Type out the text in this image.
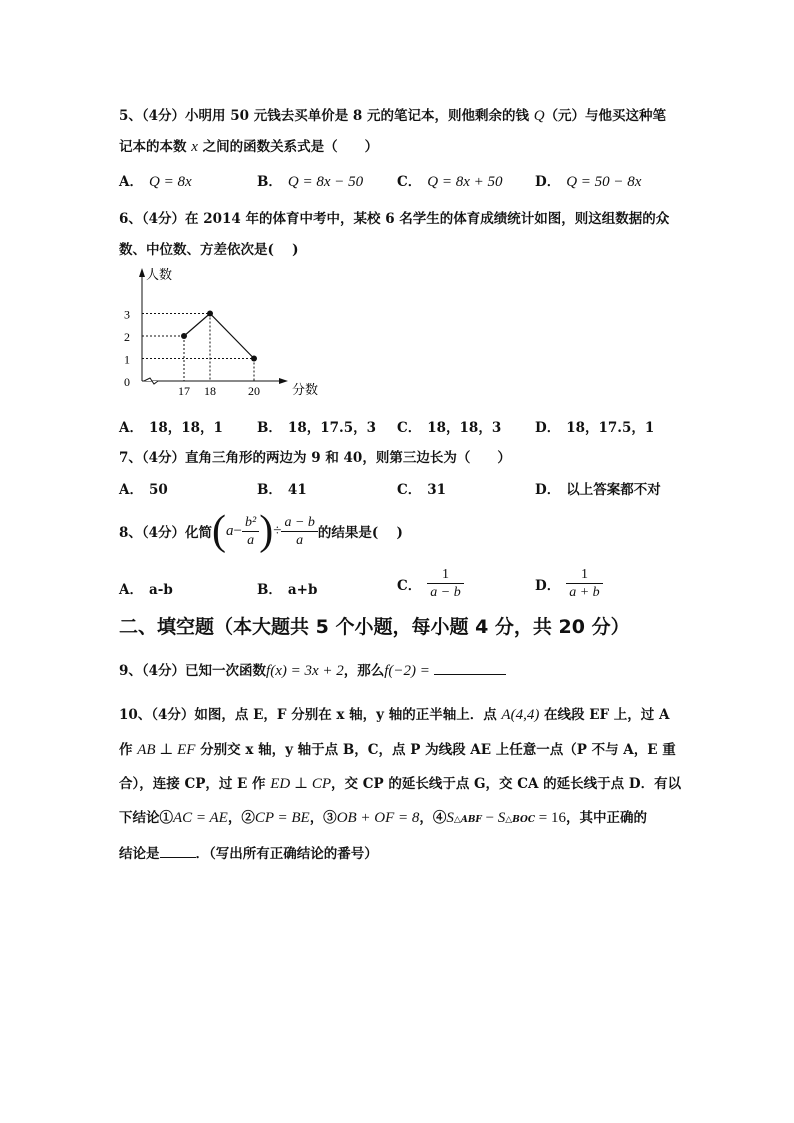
5、（4分）小明用 50 元钱去买单价是 8 元的笔记本，则他剩余的钱 Q（元）与他买这种笔
记本的本数 x 之间的函数关系式是（　　）
A． Q = 8x	B． Q = 8x − 50	C． Q = 8x + 50 D． Q = 50 − 8x
6、（4分）在 2014 年的体育中考中，某校 6 名学生的体育成绩统计如图，则这组数据的众
数、中位数、方差依次是(　 )
人数
分数
0
1
2
3
17 18	20
A． 18，18，1	B． 18，17.5，3 C． 18，18，3	D． 18，17.5，1
7、（4分）直角三角形的两边为 9 和 40，则第三边长为（　　）
A． 50	B． 41	C． 31	D． 以上答案都不对
8、（4分）化简 ( $a - \frac{\text{b²}}{a}$ ) ÷ $\frac{a - b}{a}$ 的结果是(　 )
A． a-b	B． a+b	C． $\frac{1}{a - b}$	D． $\frac{1}{a + b}$
二、填空题（本大题共 5 个小题，每小题 4 分，共 20 分）
9、（4分）已知一次函数f(x) = 3x + 2，那么f(−2) =
10、（4分）如图，点 E，F 分别在 x 轴，y 轴的正半轴上．点 A(4,4) 在线段 EF 上，过 A
作 AB ⊥ EF 分别交 x 轴，y 轴于点 B，C，点 P 为线段 AE 上任意一点（P 不与 A，E 重
合），连接 CP，过 E 作 ED ⊥ CP，交 CP 的延长线于点 G，交 CA 的延长线于点 D．有以
下结论①AC = AE，②CP = BE，③OB + OF = 8，④S△ABF − S△BOC = 16，其中正确的
结论是	．（写出所有正确结论的番号）
